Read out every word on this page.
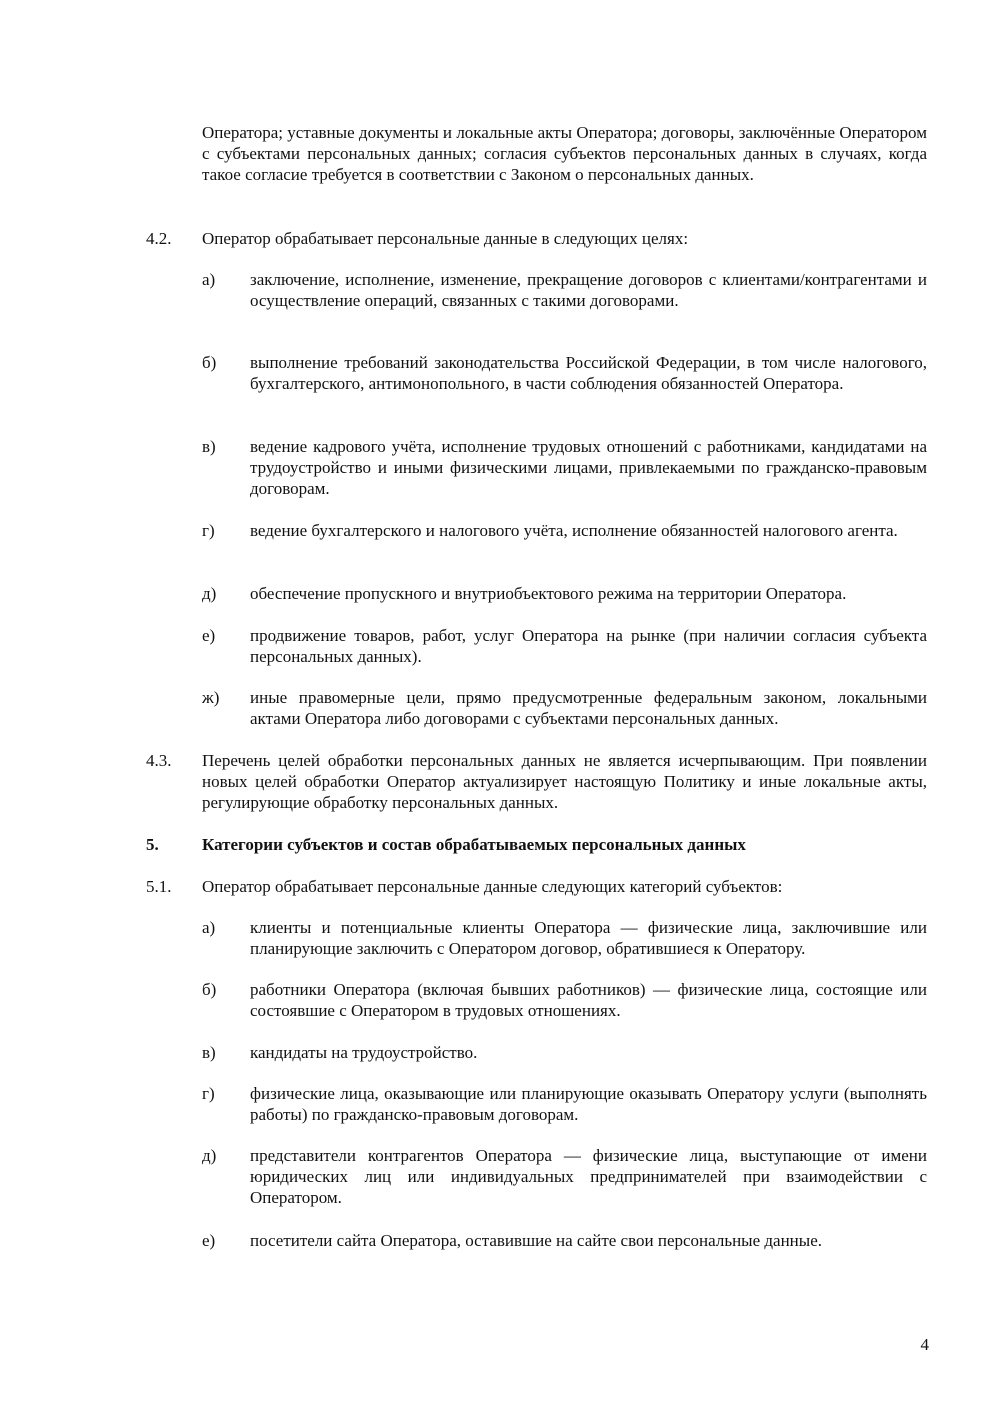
Оператора; уставные документы и локальные акты Оператора; договоры, заключённые Оператором с субъектами персональных данных; согласия субъектов персональных данных в случаях, когда такое согласие требуется в соответствии с Законом о персональных данных.
4.2. Оператор обрабатывает персональные данные в следующих целях:
а) заключение, исполнение, изменение, прекращение договоров с клиентами/контрагентами и осуществление операций, связанных с такими договорами.
б) выполнение требований законодательства Российской Федерации, в том числе налогового, бухгалтерского, антимонопольного, в части соблюдения обязанностей Оператора.
в) ведение кадрового учёта, исполнение трудовых отношений с работниками, кандидатами на трудоустройство и иными физическими лицами, привлекаемыми по гражданско-правовым договорам.
г) ведение бухгалтерского и налогового учёта, исполнение обязанностей налогового агента.
д) обеспечение пропускного и внутриобъектового режима на территории Оператора.
е) продвижение товаров, работ, услуг Оператора на рынке (при наличии согласия субъекта персональных данных).
ж) иные правомерные цели, прямо предусмотренные федеральным законом, локальными актами Оператора либо договорами с субъектами персональных данных.
4.3. Перечень целей обработки персональных данных не является исчерпывающим. При появлении новых целей обработки Оператор актуализирует настоящую Политику и иные локальные акты, регулирующие обработку персональных данных.
5.	Категории субъектов и состав обрабатываемых персональных данных
5.1. Оператор обрабатывает персональные данные следующих категорий субъектов:
а) клиенты и потенциальные клиенты Оператора — физические лица, заключившие или планирующие заключить с Оператором договор, обратившиеся к Оператору.
б) работники Оператора (включая бывших работников) — физические лица, состоящие или состоявшие с Оператором в трудовых отношениях.
в) кандидаты на трудоустройство.
г) физические лица, оказывающие или планирующие оказывать Оператору услуги (выполнять работы) по гражданско-правовым договорам.
д) представители контрагентов Оператора — физические лица, выступающие от имени юридических лиц или индивидуальных предпринимателей при взаимодействии с Оператором.
е) посетители сайта Оператора, оставившие на сайте свои персональные данные.
4
